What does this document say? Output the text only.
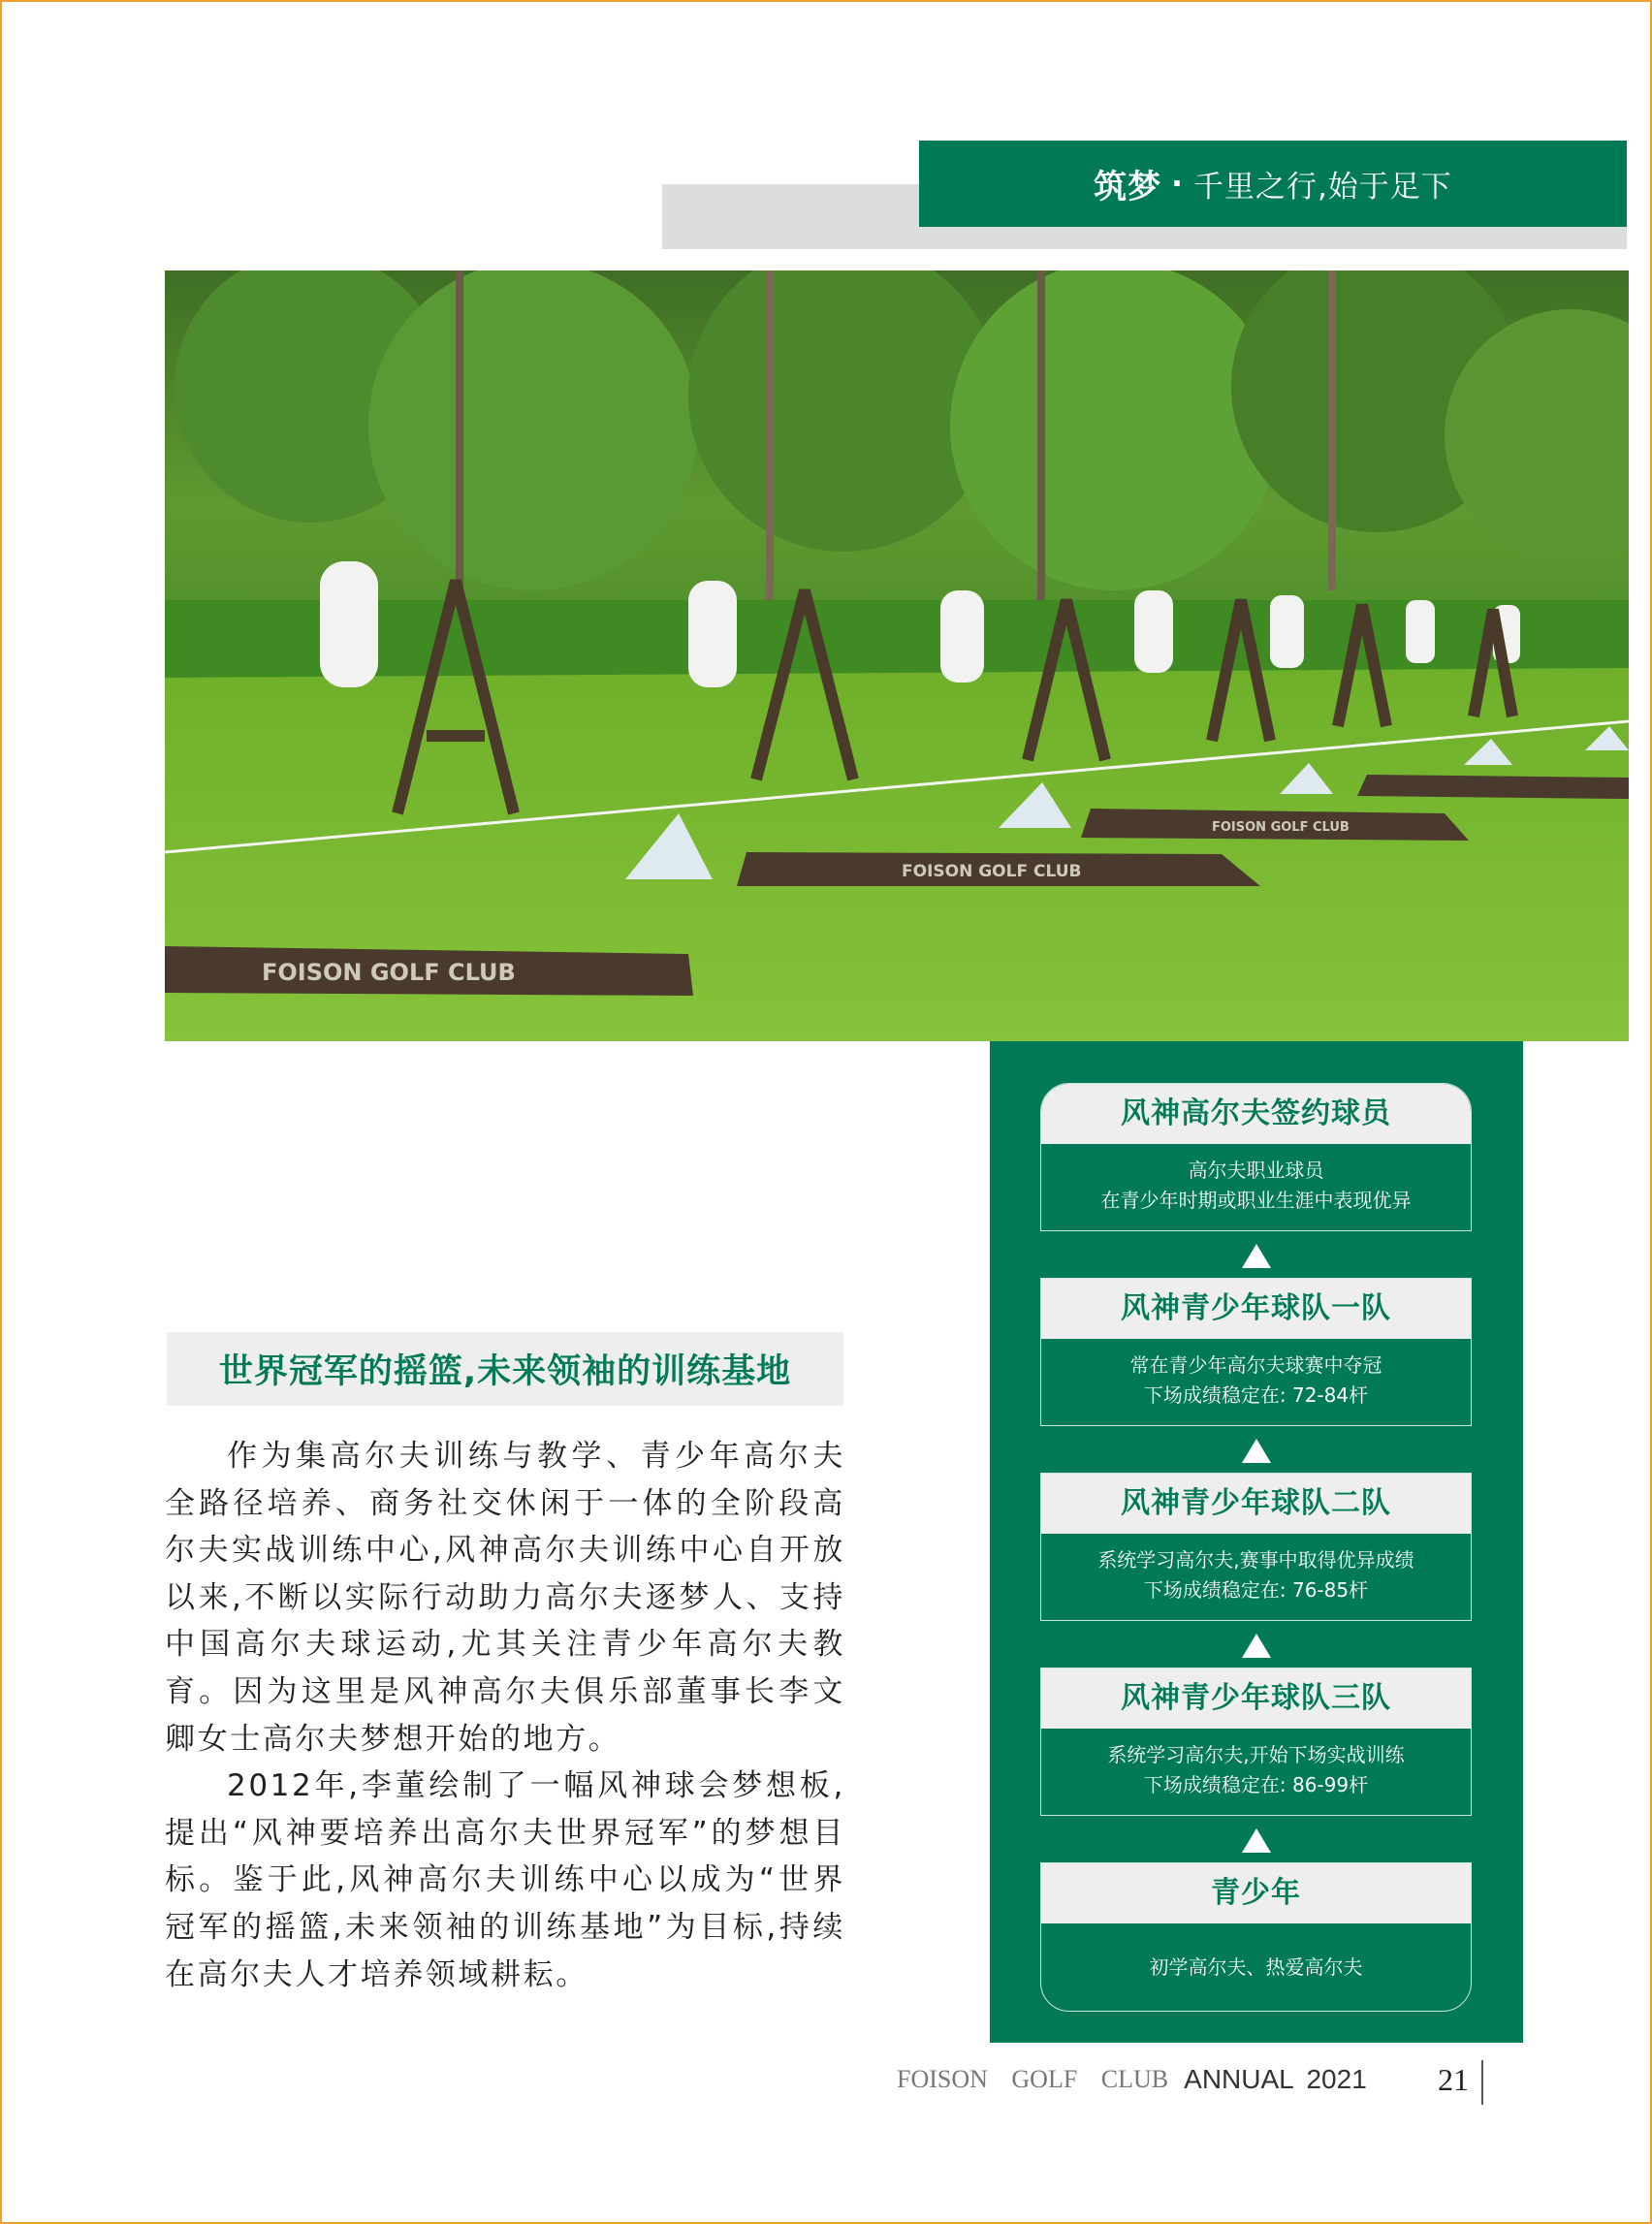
筑梦 · 千里之行,始于足下
FOISON GOLF CLUB
FOISON GOLF CLUB
FOISON GOLF CLUB
世界冠军的摇篮,未来领袖的训练基地

作为集高尔夫训练与教学、青少年高尔夫全路径培养、商务社交休闲于一体的全阶段高尔夫实战训练中心,风神高尔夫训练中心自开放以来,不断以实际行动助力高尔夫逐梦人、支持中国高尔夫球运动,尤其关注青少年高尔夫教育。因为这里是风神高尔夫俱乐部董事长李文卿女士高尔夫梦想开始的地方。

2012年,李董绘制了一幅风神球会梦想板,提出“风神要培养出高尔夫世界冠军”的梦想目标。鉴于此,风神高尔夫训练中心以成为“世界冠军的摇篮,未来领袖的训练基地”为目标,持续在高尔夫人才培养领域耕耘。

风神高尔夫签约球员
高尔夫职业球员
在青少年时期或职业生涯中表现优异
风神青少年球队一队
常在青少年高尔夫球赛中夺冠
下场成绩稳定在: 72-84杆
风神青少年球队二队
系统学习高尔夫,赛事中取得优异成绩
下场成绩稳定在: 76-85杆
风神青少年球队三队
系统学习高尔夫,开始下场实战训练
下场成绩稳定在: 86-99杆
青少年
初学高尔夫、热爱高尔夫
FOISON GOLF CLUB ANNUAL 2021 21
